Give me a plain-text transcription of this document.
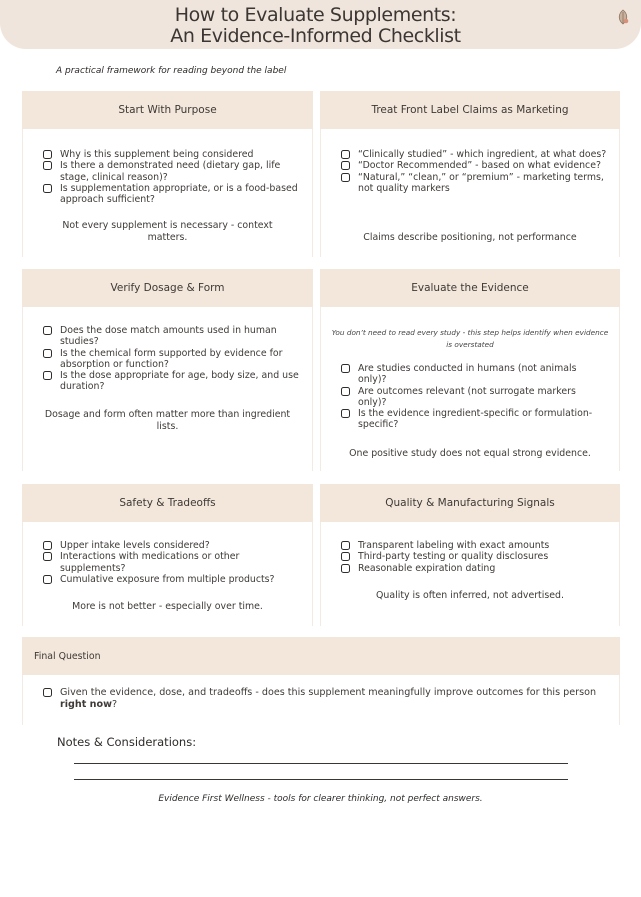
How to Evaluate Supplements:
An Evidence-Informed Checklist
A practical framework for reading beyond the label
Start With Purpose
Why is this supplement being considered
Is there a demonstrated need (dietary gap, life stage, clinical reason)?
Is supplementation appropriate, or is a food-based approach sufficient?
Not every supplement is necessary - context matters.
Treat Front Label Claims as Marketing
“Clinically studied” - which ingredient, at what does?
“Doctor Recommended” - based on what evidence?
“Natural,” “clean,” or “premium” - marketing terms, not quality markers
Claims describe positioning, not performance
Verify Dosage & Form
Does the dose match amounts used in human studies?
Is the chemical form supported by evidence for absorption or function?
Is the dose appropriate for age, body size, and use duration?
Dosage and form often matter more than ingredient lists.
Evaluate the Evidence
You don’t need to read every study - this step helps identify when evidence is overstated
Are studies conducted in humans (not animals only)?
Are outcomes relevant (not surrogate markers only)?
Is the evidence ingredient-specific or formulation-specific?
One positive study does not equal strong evidence.
Safety & Tradeoffs
Upper intake levels considered?
Interactions with medications or other supplements?
Cumulative exposure from multiple products?
More is not better - especially over time.
Quality & Manufacturing Signals
Transparent labeling with exact amounts
Third-party testing or quality disclosures
Reasonable expiration dating
Quality is often inferred, not advertised.
Final Question
Given the evidence, dose, and tradeoffs - does this supplement meaningfully improve outcomes for this person right now?
Notes & Considerations:
Evidence First Wellness - tools for clearer thinking, not perfect answers.
